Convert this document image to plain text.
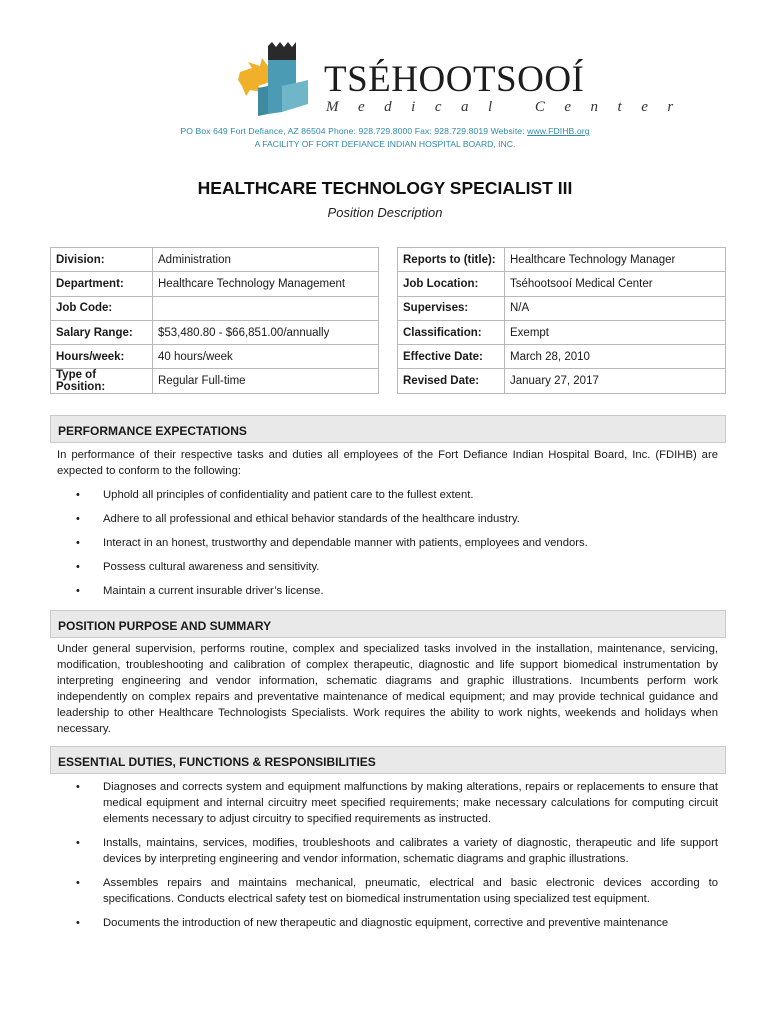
TSÉHOOTSOOÍ
Medical Center
PO Box 649 Fort Defiance, AZ 86504 Phone: 928.729.8000 Fax: 928.729.8019 Website: www.FDIHB.org
A FACILITY OF FORT DEFIANCE INDIAN HOSPITAL BOARD, INC.
HEALTHCARE TECHNOLOGY SPECIALIST III
Position Description
Division:	Administration
Department:	Healthcare Technology Management
Job Code:	
Salary Range:	$53,480.80 - $66,851.00/annually
Hours/week:	40 hours/week
Type of Position:	Regular Full-time
Reports to (title):	Healthcare Technology Manager
Job Location:	Tséhootsooí Medical Center
Supervises:	N/A
Classification:	Exempt
Effective Date:	March 28, 2010
Revised Date:	January 27, 2017
PERFORMANCE EXPECTATIONS
In performance of their respective tasks and duties all employees of the Fort Defiance Indian Hospital Board, Inc. (FDIHB) are expected to conform to the following:
• Uphold all principles of confidentiality and patient care to the fullest extent.
• Adhere to all professional and ethical behavior standards of the healthcare industry.
• Interact in an honest, trustworthy and dependable manner with patients, employees and vendors.
• Possess cultural awareness and sensitivity.
• Maintain a current insurable driver’s license.
POSITION PURPOSE AND SUMMARY
Under general supervision, performs routine, complex and specialized tasks involved in the installation, maintenance, servicing, modification, troubleshooting and calibration of complex therapeutic, diagnostic and life support biomedical instrumentation by interpreting engineering and vendor information, schematic diagrams and graphic illustrations. Incumbents perform work independently on complex repairs and preventative maintenance of medical equipment; and may provide technical guidance and leadership to other Healthcare Technologists Specialists. Work requires the ability to work nights, weekends and holidays when necessary.
ESSENTIAL DUTIES, FUNCTIONS & RESPONSIBILITIES
• Diagnoses and corrects system and equipment malfunctions by making alterations, repairs or replacements to ensure that medical equipment and internal circuitry meet specified requirements; make necessary calculations for computing circuit elements necessary to adjust circuitry to specified requirements as instructed.
• Installs, maintains, services, modifies, troubleshoots and calibrates a variety of diagnostic, therapeutic and life support devices by interpreting engineering and vendor information, schematic diagrams and graphic illustrations.
• Assembles repairs and maintains mechanical, pneumatic, electrical and basic electronic devices according to specifications. Conducts electrical safety test on biomedical instrumentation using specialized test equipment.
• Documents the introduction of new therapeutic and diagnostic equipment, corrective and preventive maintenance
